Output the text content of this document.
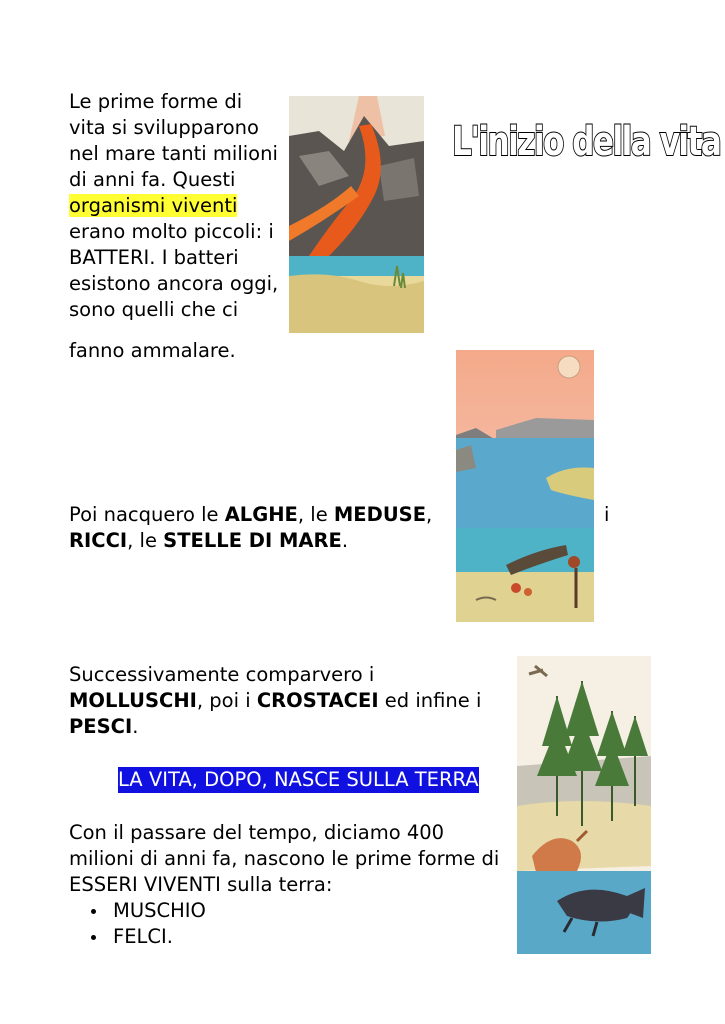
L'inizio della vita
Le prime forme di vita si svilupparono nel mare tanti milioni di anni fa. Questi organismi viventi erano molto piccoli: i BATTERI. I batteri esistono ancora oggi, sono quelli che ci
fanno ammalare.
Poi nacquero le ALGHE, le MEDUSE,
RICCI, le STELLE DI MARE.
i
Successivamente comparvero i
MOLLUSCHI, poi i CROSTACEI ed infine i
PESCI.
LA VITA, DOPO, NASCE SULLA TERRA
Con il passare del tempo, diciamo 400 milioni di anni fa, nascono le prime forme di ESSERI VIVENTI sulla terra:
MUSCHIO
FELCI.
